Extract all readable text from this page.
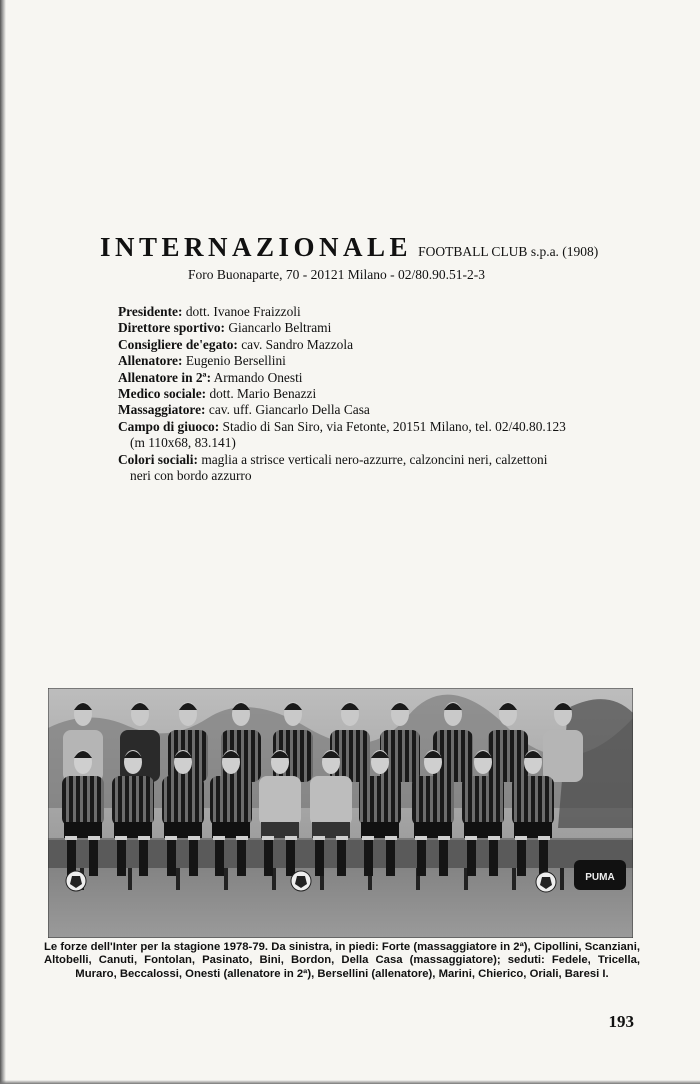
INTERNAZIONALE FOOTBALL CLUB s.p.a. (1908)
Foro Buonaparte, 70 - 20121 Milano - 02/80.90.51-2-3
Presidente: dott. Ivanoe Fraizzoli
Direttore sportivo: Giancarlo Beltrami
Consigliere de'egato: cav. Sandro Mazzola
Allenatore: Eugenio Bersellini
Allenatore in 2ª: Armando Onesti
Medico sociale: dott. Mario Benazzi
Massaggiatore: cav. uff. Giancarlo Della Casa
Campo di giuoco: Stadio di San Siro, via Fetonte, 20151 Milano, tel. 02/40.80.123
(m 110x68, 83.141)
Colori sociali: maglia a strisce verticali nero-azzurre, calzoncini neri, calzettoni
neri con bordo azzurro
PUMA
Le forze dell'Inter per la stagione 1978-79. Da sinistra, in piedi: Forte (massaggiatore in 2ª), Cipollini, Scanziani, Altobelli, Canuti, Fontolan, Pasinato, Bini, Bordon, Della Casa (massaggiatore); seduti: Fedele, Tricella, Muraro, Beccalossi, Onesti (allenatore in 2ª), Bersellini (allenatore), Marini, Chierico, Oriali, Baresi I.
193
